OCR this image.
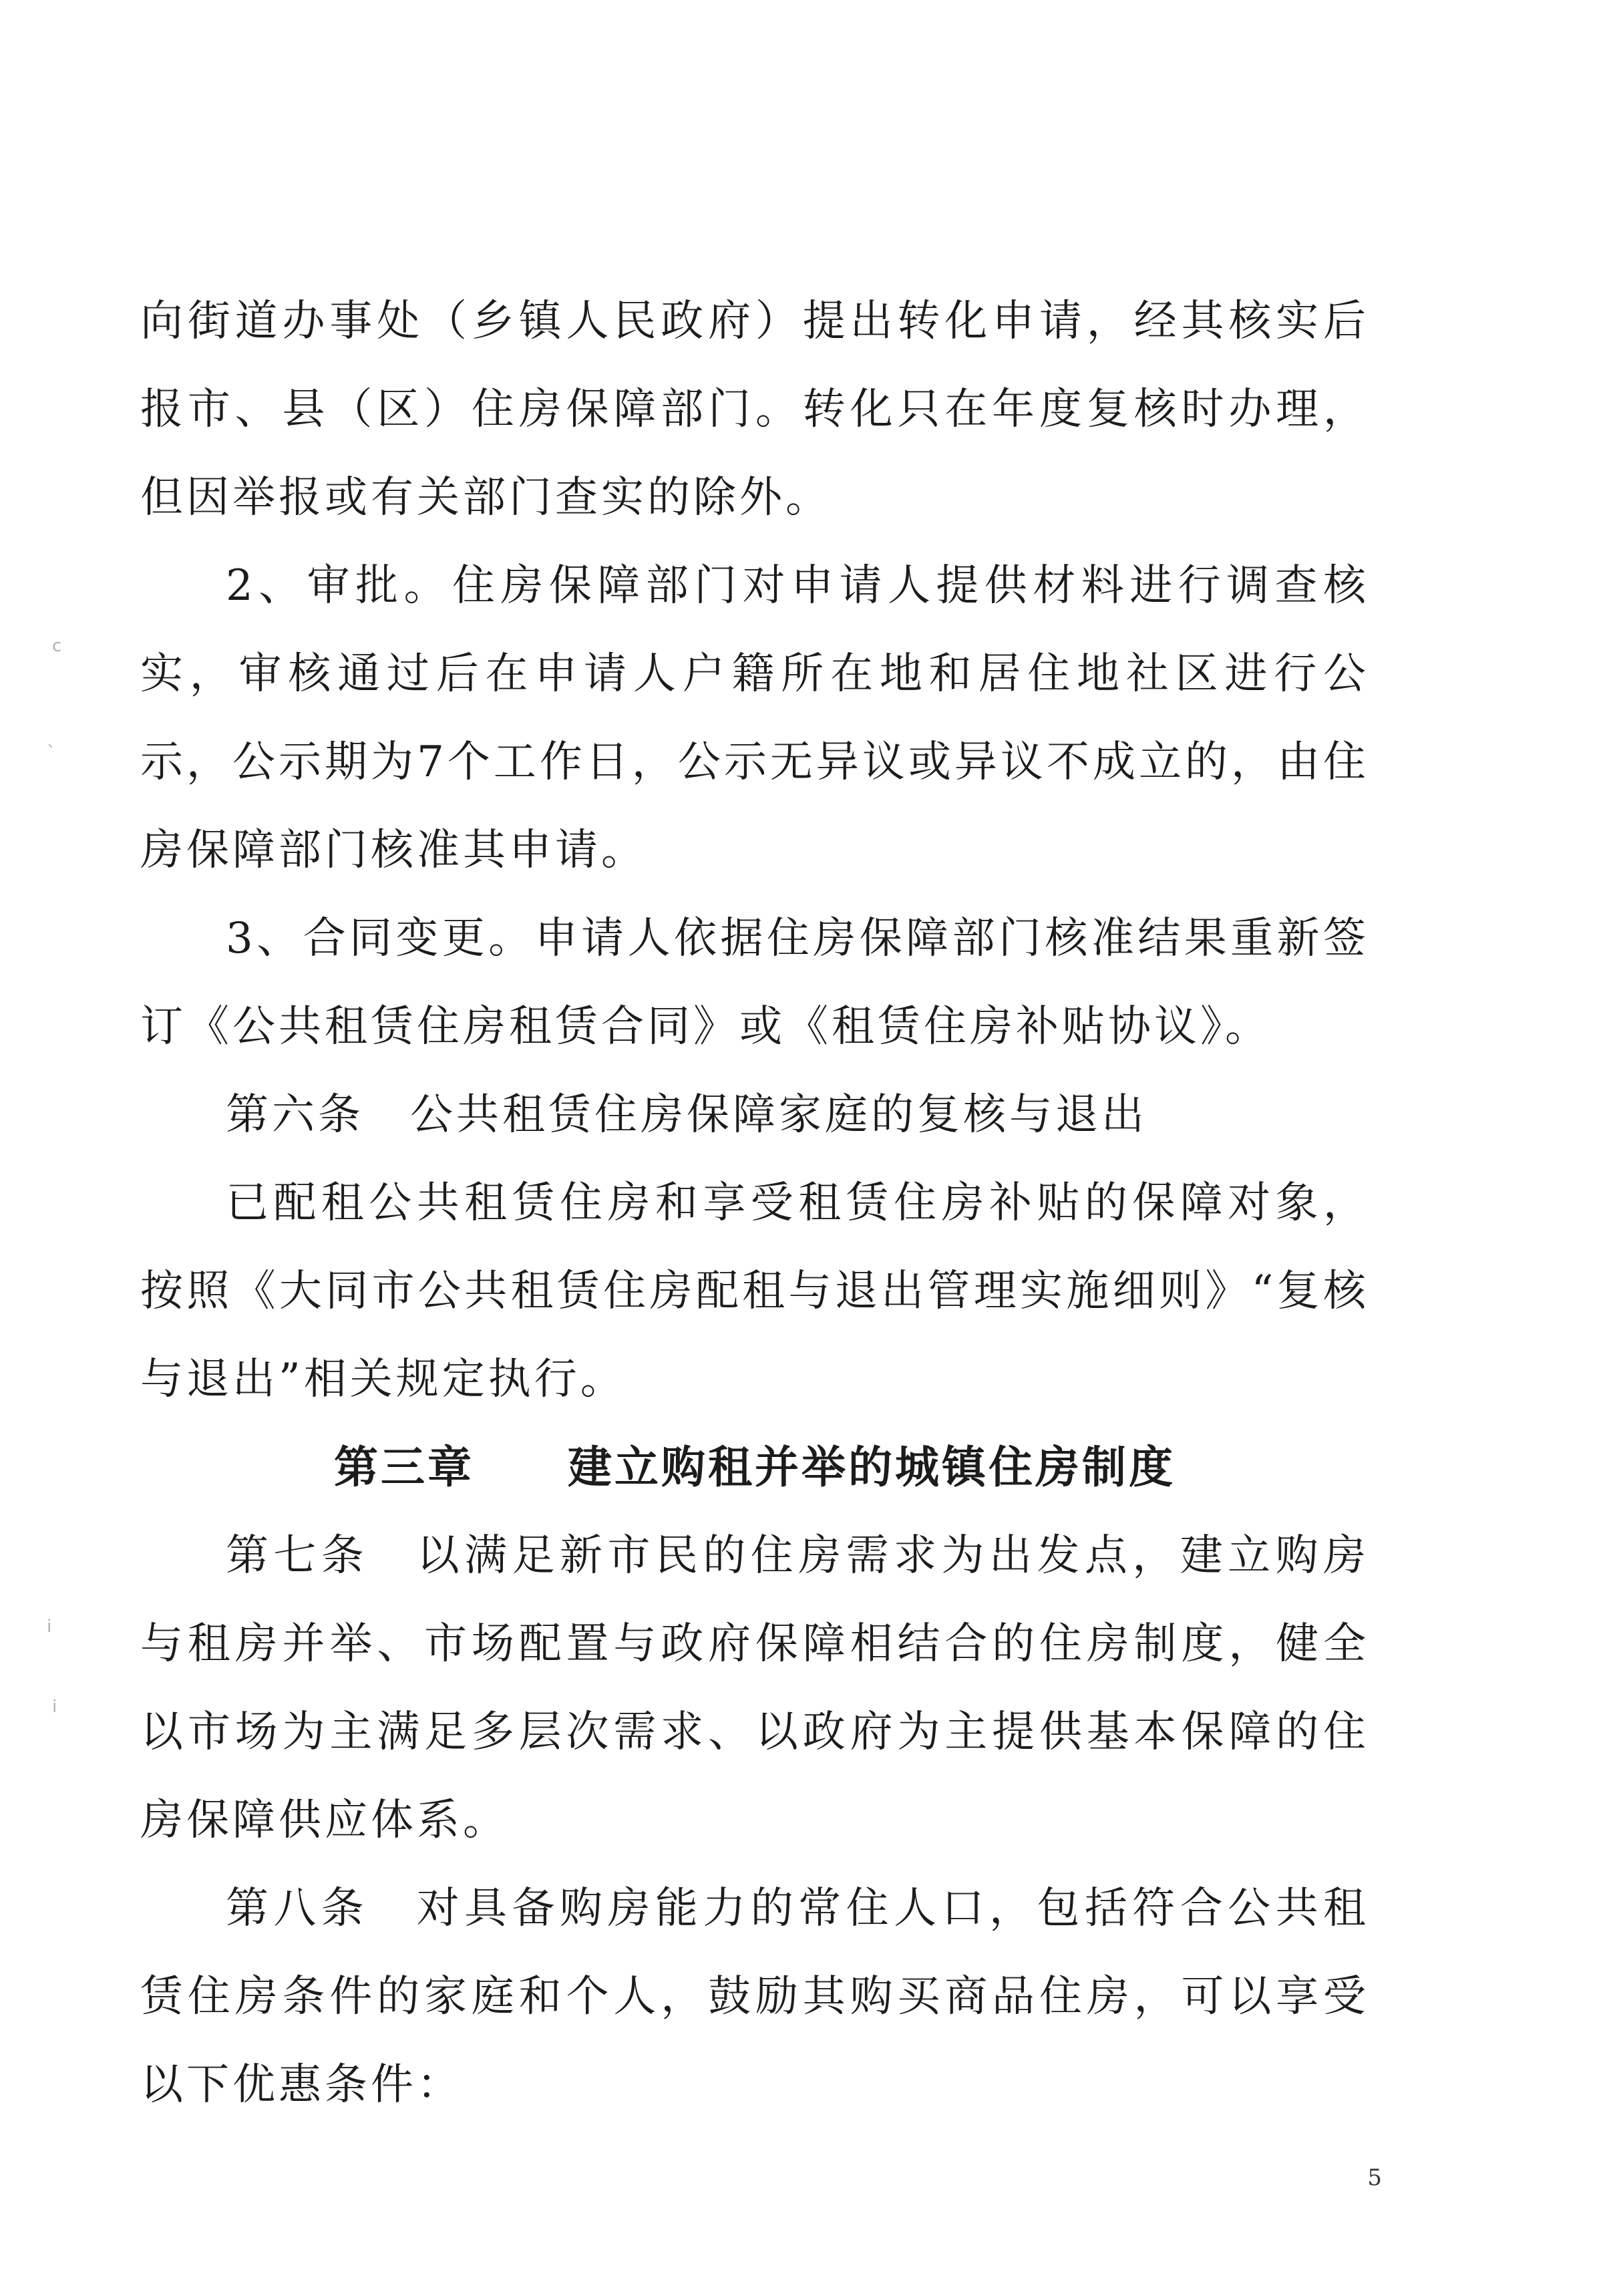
ⅽ
ˎ
ⅰ
ⅰ

向街道办事处（乡镇人民政府）提出转化申请，经其核实后报市、县（区）住房保障部门。转化只在年度复核时办理，但因举报或有关部门查实的除外。

2、审批。住房保障部门对申请人提供材料进行调查核实，审核通过后在申请人户籍所在地和居住地社区进行公示，公示期为7个工作日，公示无异议或异议不成立的，由住房保障部门核准其申请。

3、合同变更。申请人依据住房保障部门核准结果重新签订《公共租赁住房租赁合同》或《租赁住房补贴协议》。

第六条　公共租赁住房保障家庭的复核与退出

已配租公共租赁住房和享受租赁住房补贴的保障对象，按照《大同市公共租赁住房配租与退出管理实施细则》“复核与退出”相关规定执行。

第三章　　建立购租并举的城镇住房制度

第七条　以满足新市民的住房需求为出发点，建立购房与租房并举、市场配置与政府保障相结合的住房制度，健全以市场为主满足多层次需求、以政府为主提供基本保障的住房保障供应体系。

第八条　对具备购房能力的常住人口，包括符合公共租赁住房条件的家庭和个人，鼓励其购买商品住房，可以享受以下优惠条件：

5
